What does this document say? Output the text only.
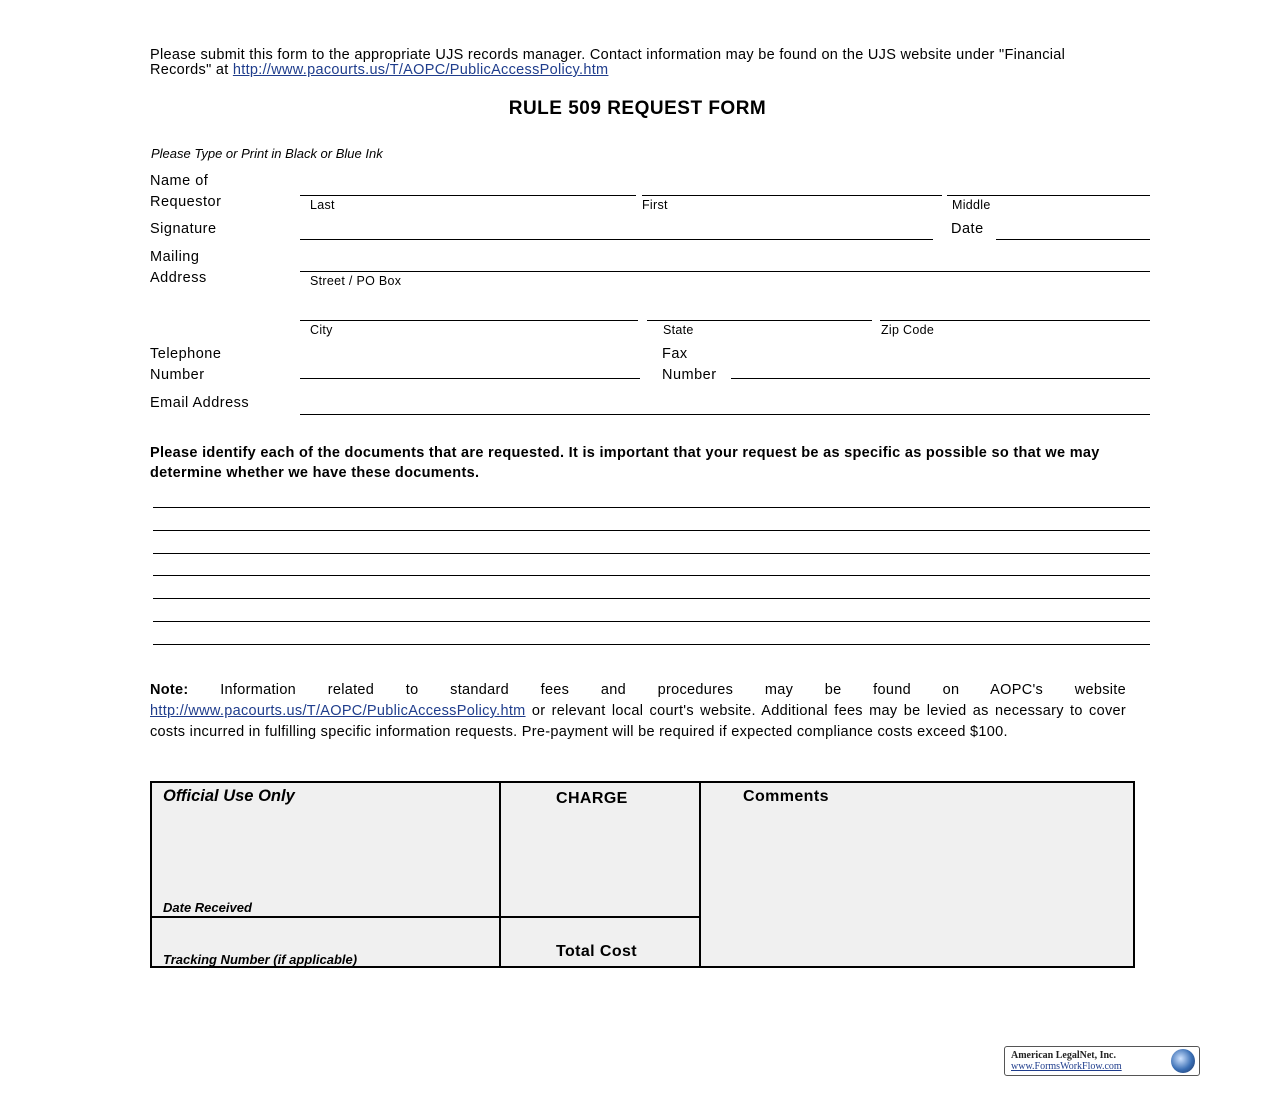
Please submit this form to the appropriate UJS records manager. Contact information may be found on the UJS website under "Financial Records" at http://www.pacourts.us/T/AOPC/PublicAccessPolicy.htm
RULE 509 REQUEST FORM
Please Type or Print in Black or Blue Ink
Name of
Requestor	Last	First	Middle
Signature	Date
Mailing
Address	Street / PO Box
City	State	Zip Code
Telephone
Number
Fax
Number
Email Address
Please identify each of the documents that are requested. It is important that your request be as specific as possible so that we may determine whether we have these documents.
Note: Information related to standard fees and procedures may be found on AOPC's website http://www.pacourts.us/T/AOPC/PublicAccessPolicy.htm or relevant local court's website. Additional fees may be levied as necessary to cover costs incurred in fulfilling specific information requests. Pre-payment will be required if expected compliance costs exceed $100.
Official Use Only	CHARGE	Comments
Date Received
Tracking Number (if applicable)	Total Cost
American LegalNet, Inc.
www.FormsWorkFlow.com
